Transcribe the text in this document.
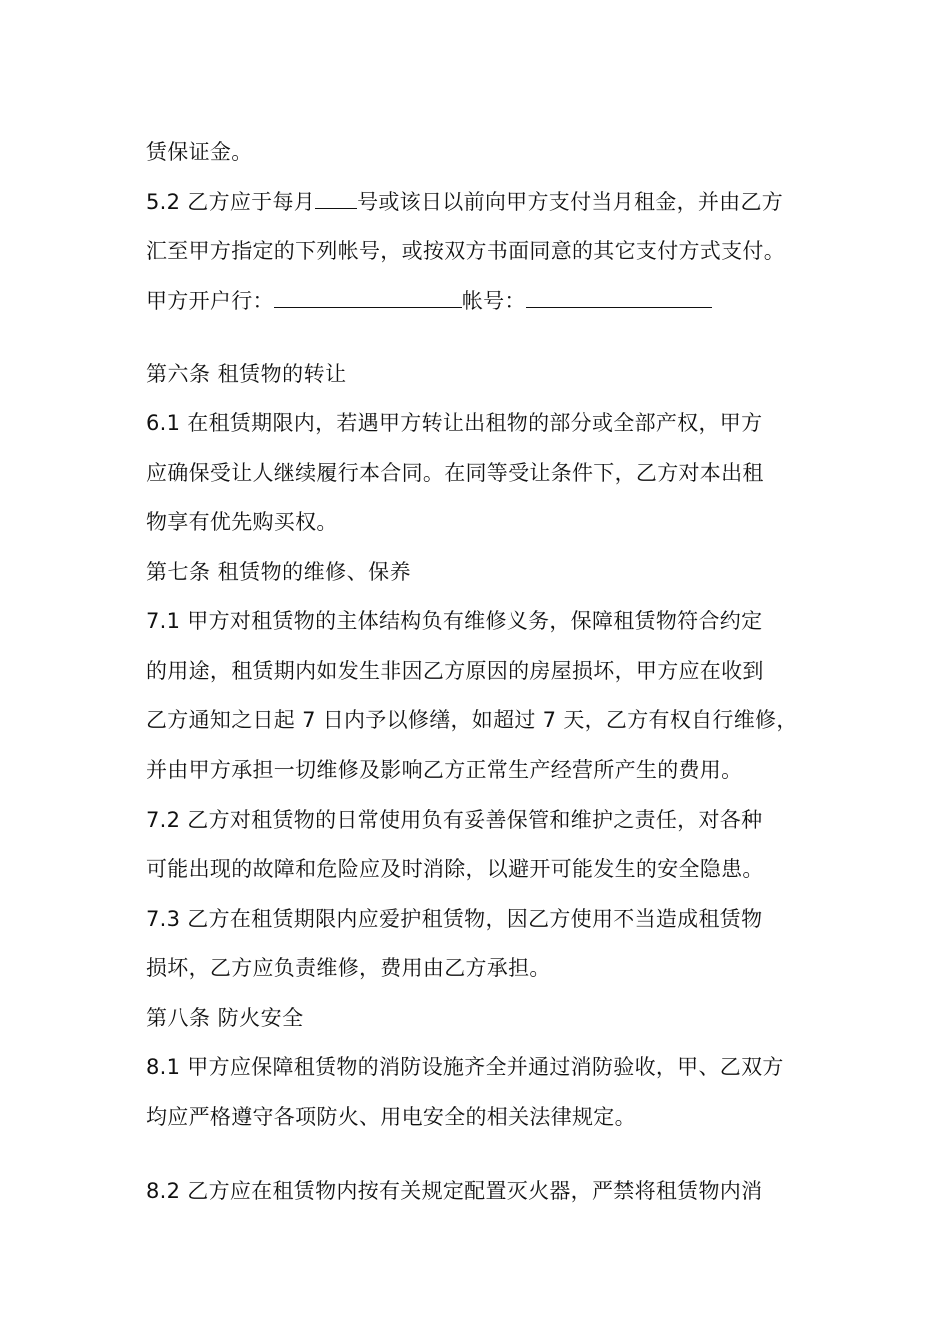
赁保证金。
5.2 乙方应于每月 号或该日以前向甲方支付当月租金，并由乙方
汇至甲方指定的下列帐号，或按双方书面同意的其它支付方式支付。
甲方开户行：	帐号：
第六条 租赁物的转让
6.1 在租赁期限内，若遇甲方转让出租物的部分或全部产权，甲方
应确保受让人继续履行本合同。在同等受让条件下，乙方对本出租
物享有优先购买权。
第七条 租赁物的维修、保养
7.1 甲方对租赁物的主体结构负有维修义务，保障租赁物符合约定
的用途，租赁期内如发生非因乙方原因的房屋损坏，甲方应在收到
乙方通知之日起 7 日内予以修缮，如超过 7 天，乙方有权自行维修，
并由甲方承担一切维修及影响乙方正常生产经营所产生的费用。
7.2 乙方对租赁物的日常使用负有妥善保管和维护之责任，对各种
可能出现的故障和危险应及时消除，以避开可能发生的安全隐患。
7.3 乙方在租赁期限内应爱护租赁物，因乙方使用不当造成租赁物
损坏，乙方应负责维修，费用由乙方承担。
第八条 防火安全
8.1 甲方应保障租赁物的消防设施齐全并通过消防验收，甲、乙双方
均应严格遵守各项防火、用电安全的相关法律规定。
8.2 乙方应在租赁物内按有关规定配置灭火器，严禁将租赁物内消
